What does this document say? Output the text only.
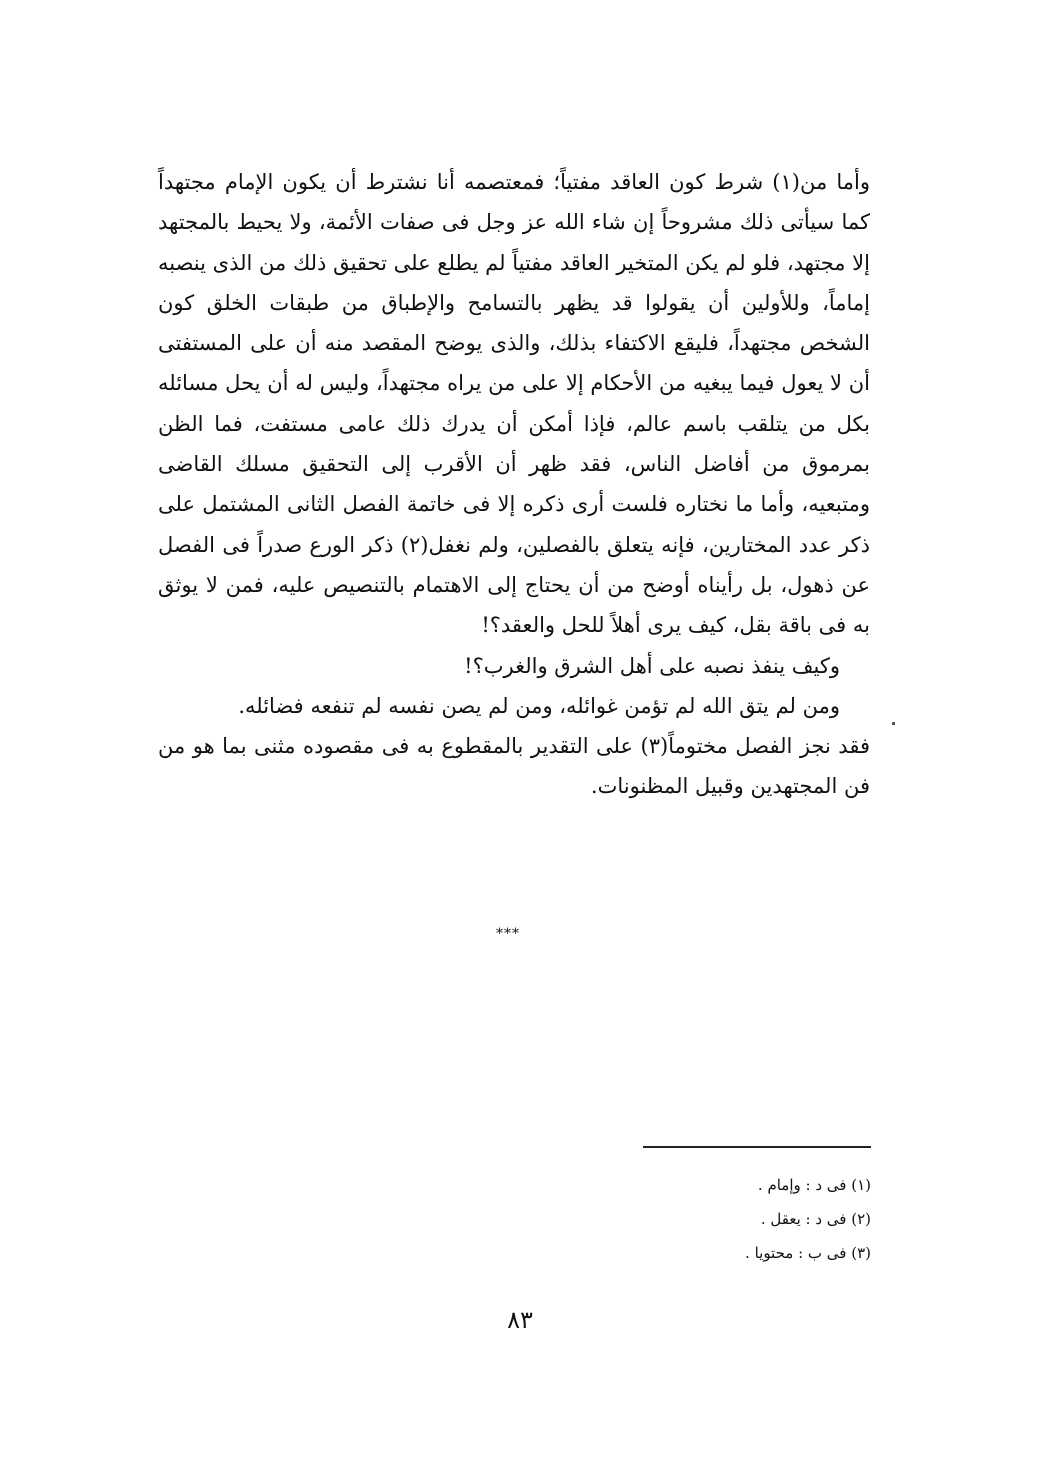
وأما من(١) شرط كون العاقد مفتياً؛ فمعتصمه أنا نشترط أن يكون الإمام مجتهداً كما سيأتى ذلك مشروحاً إن شاء الله عز وجل فى صفات الأئمة، ولا يحيط بالمجتهد إلا مجتهد، فلو لم يكن المتخير العاقد مفتياً لم يطلع على تحقيق ذلك من الذى ينصبه إماماً، وللأولين أن يقولوا قد يظهر بالتسامح والإطباق من طبقات الخلق كون الشخص مجتهداً، فليقع الاكتفاء بذلك، والذى يوضح المقصد منه أن على المستفتى أن لا يعول فيما يبغيه من الأحكام إلا على من يراه مجتهداً، وليس له أن يحل مسائله بكل من يتلقب باسم عالم، فإذا أمكن أن يدرك ذلك عامى مستفت، فما الظن بمرموق من أفاضل الناس، فقد ظهر أن الأقرب إلى التحقيق مسلك القاضى ومتبعيه، وأما ما نختاره فلست أرى ذكره إلا فى خاتمة الفصل الثانى المشتمل على ذكر عدد المختارين، فإنه يتعلق بالفصلين، ولم نغفل(٢) ذكر الورع صدراً فى الفصل عن ذهول، بل رأيناه أوضح من أن يحتاج إلى الاهتمام بالتنصيص عليه، فمن لا يوثق به فى باقة بقل، كيف يرى أهلاً للحل والعقد؟!

وكيف ينفذ نصبه على أهل الشرق والغرب؟!

ومن لم يتق الله لم تؤمن غوائله، ومن لم يصن نفسه لم تنفعه فضائله.

فقد نجز الفصل مختوماً(٣) على التقدير بالمقطوع به فى مقصوده مثنى بما هو من فن المجتهدين وقبيل المظنونات.

***
(١) فى د : وإمام .
(٢) فى د : يعقل .
(٣) فى ب : محتويا .
٨٣
